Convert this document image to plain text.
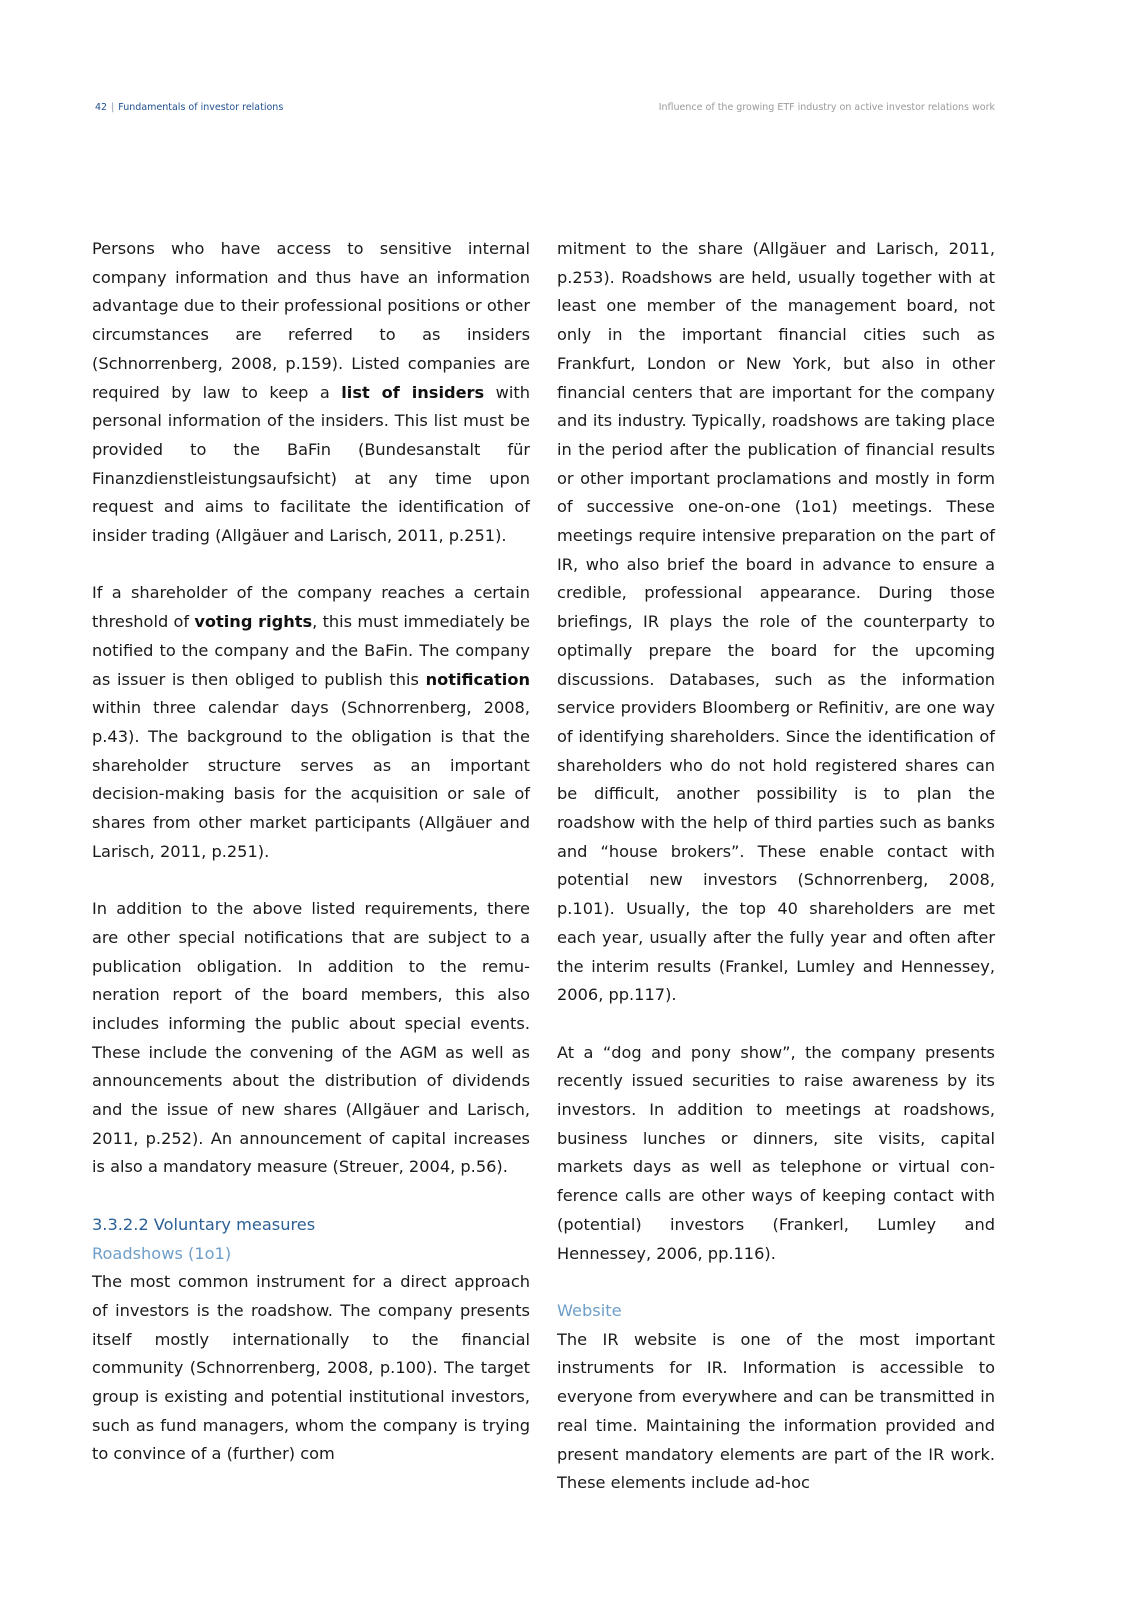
42 | Fundamentals of investor relations	Influence of the growing ETF industry on active investor relations work

Persons who have access to sensitive internal company information and thus have an information advantage due to their professional positions or other circumstances are referred to as insiders (Schnorrenberg, 2008, p.159). Listed companies are required by law to keep a list of insiders with personal information of the insiders. This list must be provided to the BaFin (Bundesanstalt für Finanzdienstleistungsaufsicht) at any time upon request and aims to facilitate the identification of insider trading (Allgäuer and Larisch, 2011, p.251).

If a shareholder of the company reaches a certain threshold of voting rights, this must immediately be notified to the company and the BaFin. The company as issuer is then obliged to publish this notification within three calendar days (Schnorrenberg, 2008, p.43). The background to the obligation is that the shareholder structure serves as an important decision-making basis for the acquisition or sale of shares from other market participants (Allgäuer and Larisch, 2011, p.251).

In addition to the above listed requirements, there are other special notifications that are subject to a publication obligation. In addition to the remuneration report of the board members, this also includes informing the public about special events. These include the convening of the AGM as well as announcements about the distribution of dividends and the issue of new shares (Allgäuer and Larisch, 2011, p.252). An announcement of capital increases is also a mandatory measure (Streuer, 2004, p.56).

3.3.2.2 Voluntary measures
Roadshows (1o1)

The most common instrument for a direct approach of investors is the roadshow. The company presents itself mostly internationally to the financial community (Schnorrenberg, 2008, p.100). The target group is existing and potential institutional investors, such as fund managers, whom the company is trying to convince of a (further) com

mitment to the share (Allgäuer and Larisch, 2011, p.253). Roadshows are held, usually together with at least one member of the management board, not only in the important financial cities such as Frankfurt, London or New York, but also in other financial centers that are important for the company and its industry. Typically, roadshows are taking place in the period after the publication of financial results or other important proclamations and mostly in form of successive one-on-one (1o1) meetings. These meetings require intensive preparation on the part of IR, who also brief the board in advance to ensure a credible, professional appearance. During those briefings, IR plays the role of the counterparty to optimally prepare the board for the upcoming discussions. Databases, such as the information service providers Bloomberg or Refinitiv, are one way of identifying shareholders. Since the identification of shareholders who do not hold registered shares can be difficult, another possibility is to plan the roadshow with the help of third parties such as banks and “house brokers”. These enable contact with potential new investors (Schnorrenberg, 2008, p.101). Usually, the top 40 shareholders are met each year, usually after the fully year and often after the interim results (Frankel, Lumley and Hennessey, 2006, pp.117).

At a “dog and pony show”, the company presents recently issued securities to raise awareness by its investors. In addition to meetings at roadshows, business lunches or dinners, site visits, capital markets days as well as telephone or virtual conference calls are other ways of keeping contact with (potential) investors (Frankerl, Lumley and Hennessey, 2006, pp.116).

Website

The IR website is one of the most important instruments for IR. Information is accessible to everyone from everywhere and can be transmitted in real time. Maintaining the information provided and present mandatory elements are part of the IR work. These elements include ad-hoc
